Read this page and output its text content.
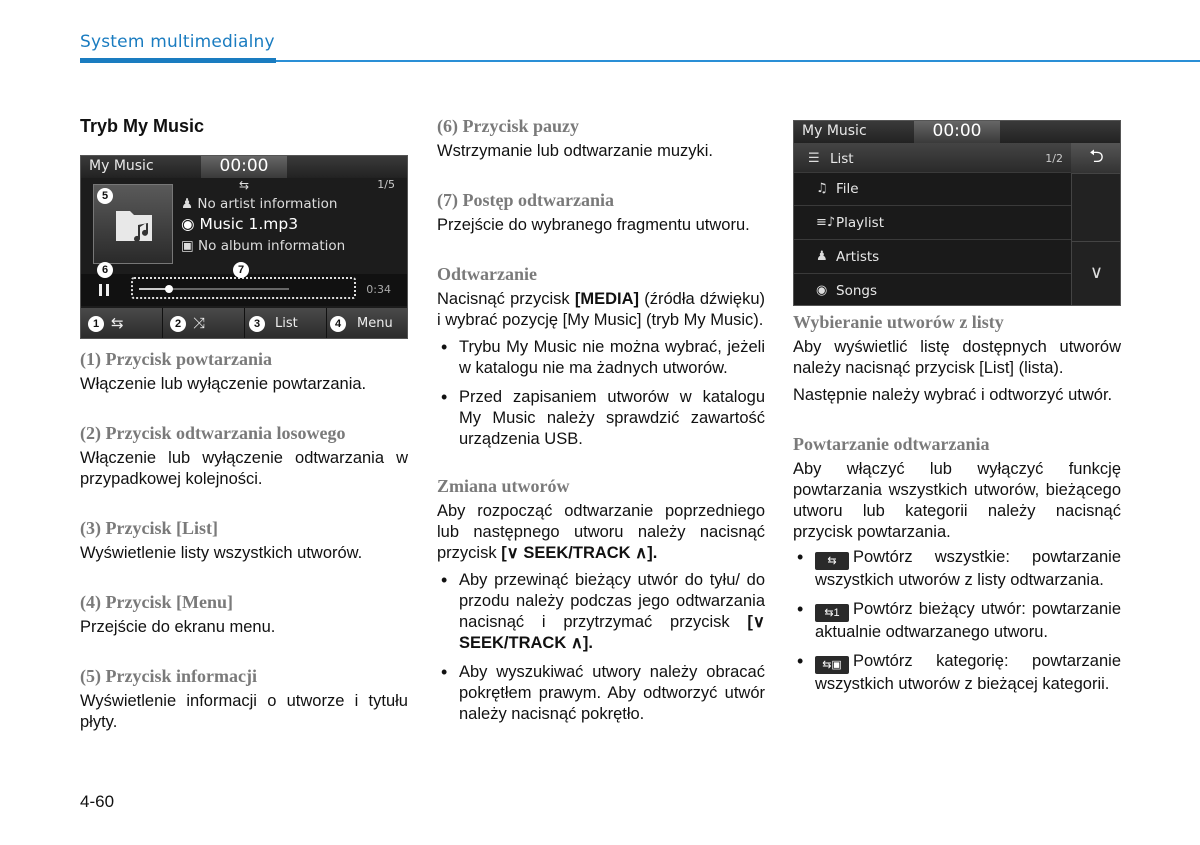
System multimedialny
Tryb My Music
My Music	00:00
⇆	1/5
♟ No artist information
◉ Music 1.mp3
▣ No album information
0:34
⇆	⤨	List	Menu
1	2	3	4
5
6	7
(1) Przycisk powtarzania

Włączenie lub wyłączenie powtarzania.

(2) Przycisk odtwarzania losowego

Włączenie lub wyłączenie odtwarzania w przypadkowej kolejności.

(3) Przycisk [List]

Wyświetlenie listy wszystkich utworów.

(4) Przycisk [Menu]

Przejście do ekranu menu.

(5) Przycisk informacji

Wyświetlenie informacji o utworze i tytułu płyty.

(6) Przycisk pauzy

Wstrzymanie lub odtwarzanie muzyki.

(7) Postęp odtwarzania

Przejście do wybranego fragmentu utworu.

Odtwarzanie

Nacisnąć przycisk [MEDIA] (źródła dźwięku) i wybrać pozycję [My Music] (tryb My Music).

• Trybu My Music nie można wybrać, jeżeli w katalogu nie ma żadnych utworów.
• Przed zapisaniem utworów w katalogu My Music należy sprawdzić zawartość urządzenia USB.
Zmiana utworów

Aby rozpocząć odtwarzanie poprzedniego lub następnego utworu należy nacisnąć przycisk [∨ SEEK/TRACK ∧].

• Aby przewinąć bieżący utwór do tyłu/ do przodu należy podczas jego odtwarzania nacisnąć i przytrzymać przycisk [∨ SEEK/TRACK ∧].
• Aby wyszukiwać utwory należy obracać pokrętłem prawym. Aby odtworzyć utwór należy nacisnąć pokrętło.
My Music	00:00
☰ List	1/2
♫ File
≡♪ Playlist
♟ Artists
◉ Songs
⮌
∨
Wybieranie utworów z listy

Aby wyświetlić listę dostępnych utworów należy nacisnąć przycisk [List] (lista).

Następnie należy wybrać i odtworzyć utwór.

Powtarzanie odtwarzania

Aby włączyć lub wyłączyć funkcję powtarzania wszystkich utworów, bieżącego utworu lub kategorii należy nacisnąć przycisk powtarzania.

• ⇆ Powtórz wszystkie: powtarzanie wszystkich utworów z listy odtwarzania.
• ⇆1 Powtórz bieżący utwór: powtarzanie aktualnie odtwarzanego utworu.
• ⇆▣ Powtórz kategorię: powtarzanie wszystkich utworów z bieżącej kategorii.
4-60
